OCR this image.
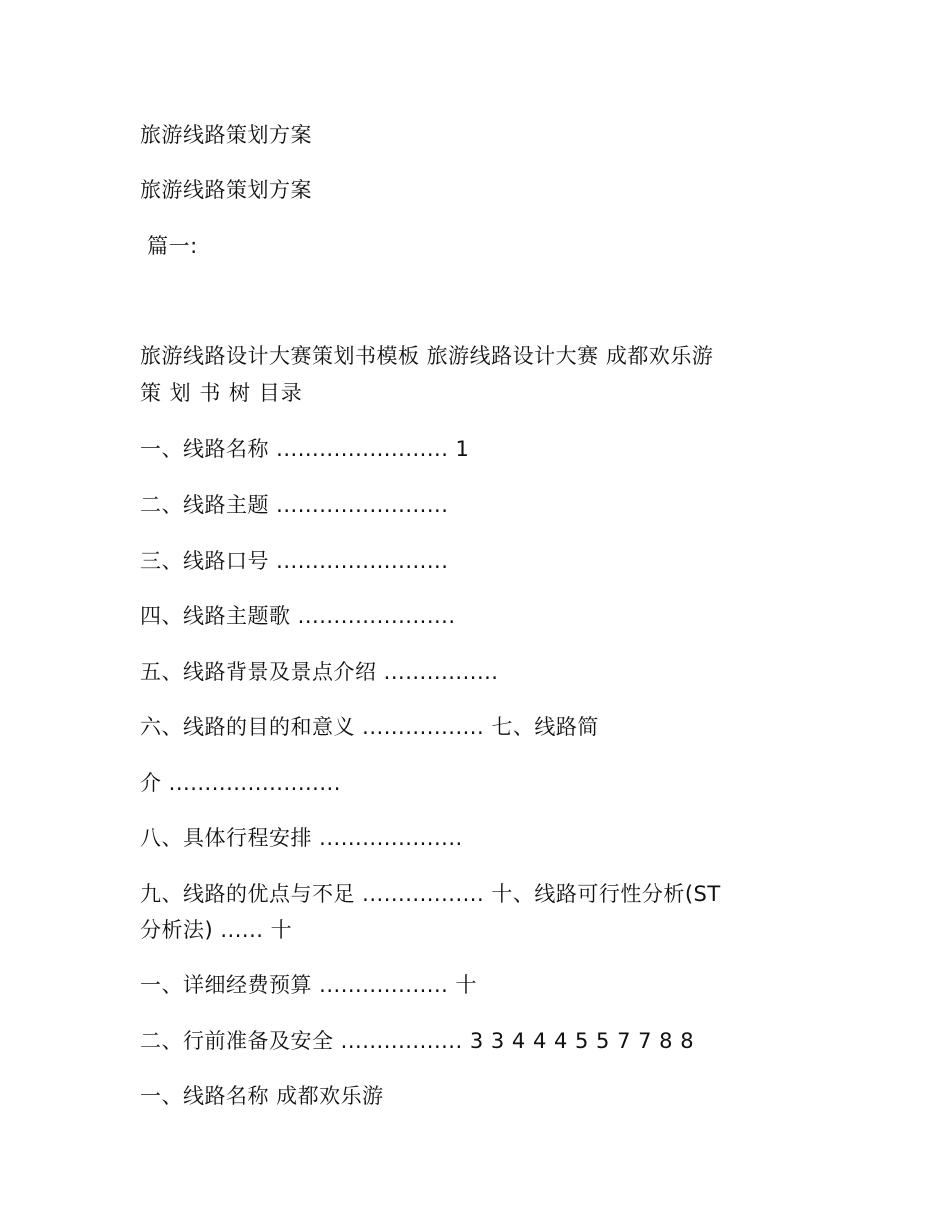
旅游线路策划方案
旅游线路策划方案
篇一:
旅游线路设计大赛策划书模板 旅游线路设计大赛 成都欢乐游
策 划 书 树 目录
一、线路名称 ........................ 1
二、线路主题 ........................
三、线路口号 ........................
四、线路主题歌 ......................
五、线路背景及景点介绍 ................
六、线路的目的和意义 ................. 七、线路简
介 ........................
八、具体行程安排 ....................
九、线路的优点与不足 ................. 十、线路可行性分析(ST
分析法) ...... 十
一、详细经费预算 .................. 十
二、行前准备及安全 ................. 3 3 4 4 4 5 5 7 7 8 8
一、线路名称 成都欢乐游
